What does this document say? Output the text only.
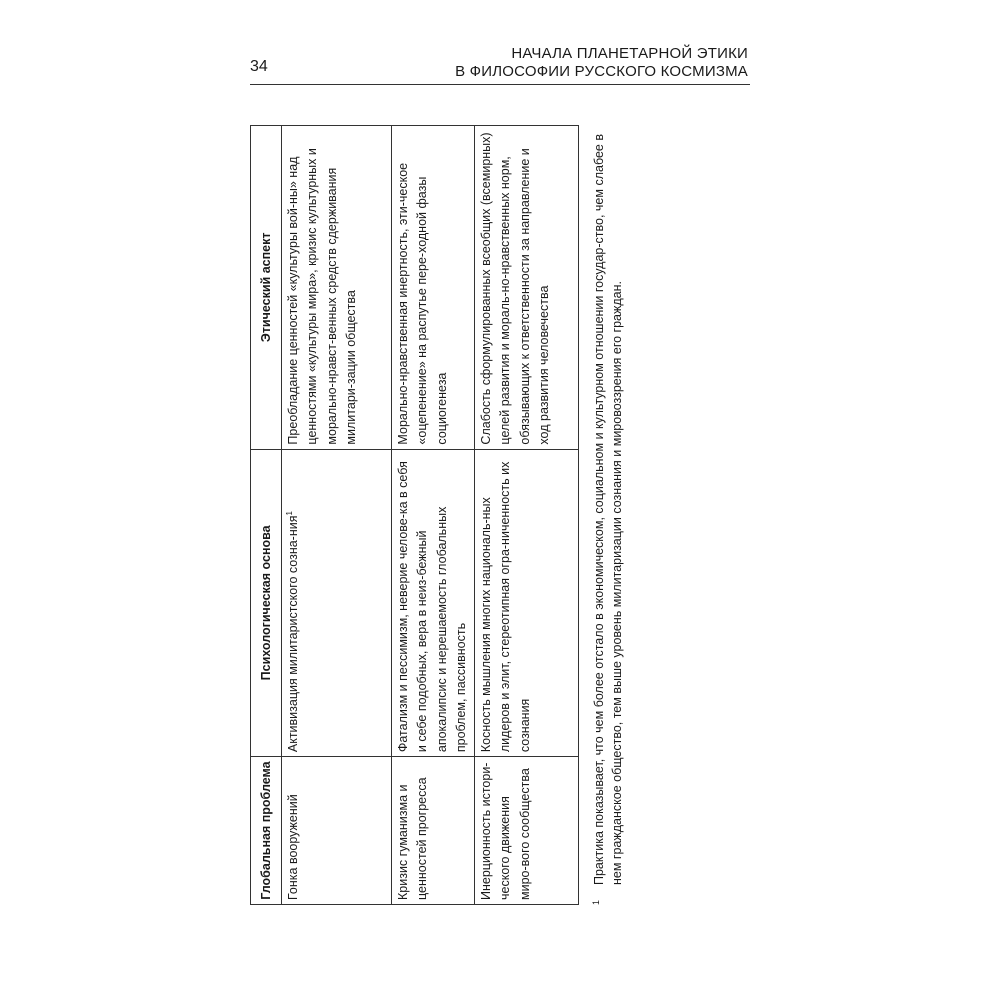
34
НАЧАЛА ПЛАНЕТАРНОЙ ЭТИКИ
В ФИЛОСОФИИ РУССКОГО КОСМИЗМА
Глобальная проблема	Психологическая основа	Этический аспект
Гонка вооружений	Активизация милитаристского созна-ния$^1$	Преобладание ценностей «культуры вой-ны» над ценностями «культуры мира», кризис культурных и морально-нравст-венных средств сдерживания милитари-зации общества
Кризис гуманизма и ценностей прогресса	Фатализм и пессимизм, неверие челове-ка в себя и себе подобных, вера в неиз-бежный апокалипсис и нерешаемость глобальных проблем, пассивность	Морально-нравственная инертность, эти-ческое «оцепенение» на распутье пере-ходной фазы социогенеза
Инерционность истори-ческого движения миро-вого сообщества	Косность мышления многих националь-ных лидеров и элит, стереотипная огра-ниченность их сознания	Слабость сформулированных всеобщих (всемирных) целей развития и мораль-но-нравственных норм, обязывающих к ответственности за направление и ход развития человечества
1
Практика показывает, что чем более отстало в экономическом, социальном и культурном отношении государ-ство, чем слабее в нем гражданское общество, тем выше уровень милитаризации сознания и мировоззрения его граждан.
